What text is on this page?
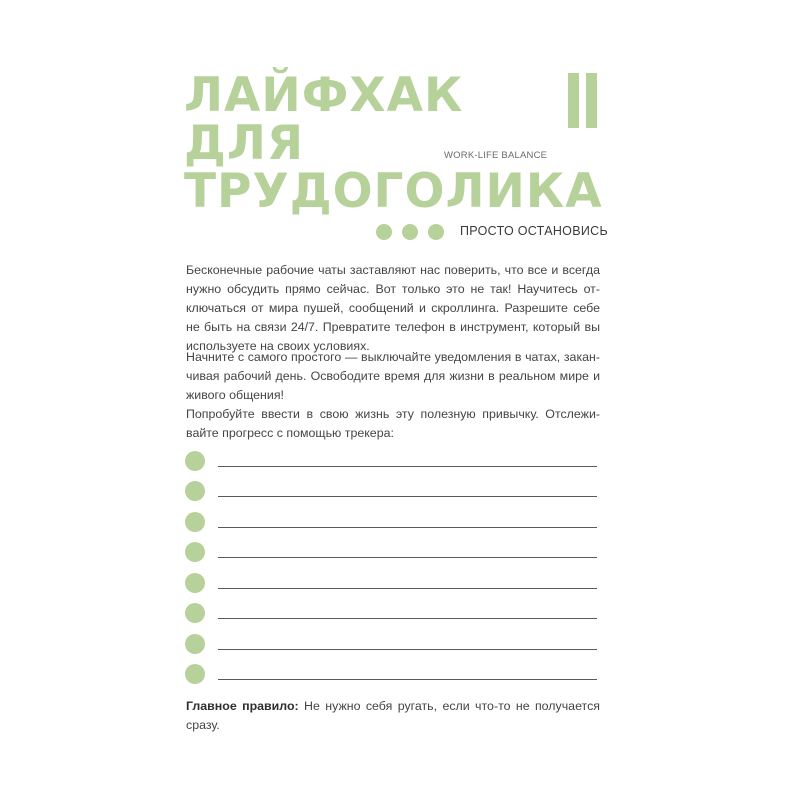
ЛАЙФХАК
ДЛЯ
ТРУДОГОЛИКА
WORK-LIFE BALANCE
ПРОСТО ОСТАНОВИСЬ

Бесконечные рабочие чаты заставляют нас поверить, что все и всегда
нужно обсудить прямо сейчас. Вот только это не так! Научитесь от-
ключаться от мира пушей, сообщений и скроллинга. Разрешите себе
не быть на связи 24/7. Превратите телефон в инструмент, который вы
используете на своих условиях.

Начните с самого простого — выключайте уведомления в чатах, закан-
чивая рабочий день. Освободите время для жизни в реальном мире и
живого общения!

Попробуйте ввести в свою жизнь эту полезную привычку. Отслежи-
вайте прогресс с помощью трекера:

Главное правило: Не нужно себя ругать, если что-то не получается
сразу.
